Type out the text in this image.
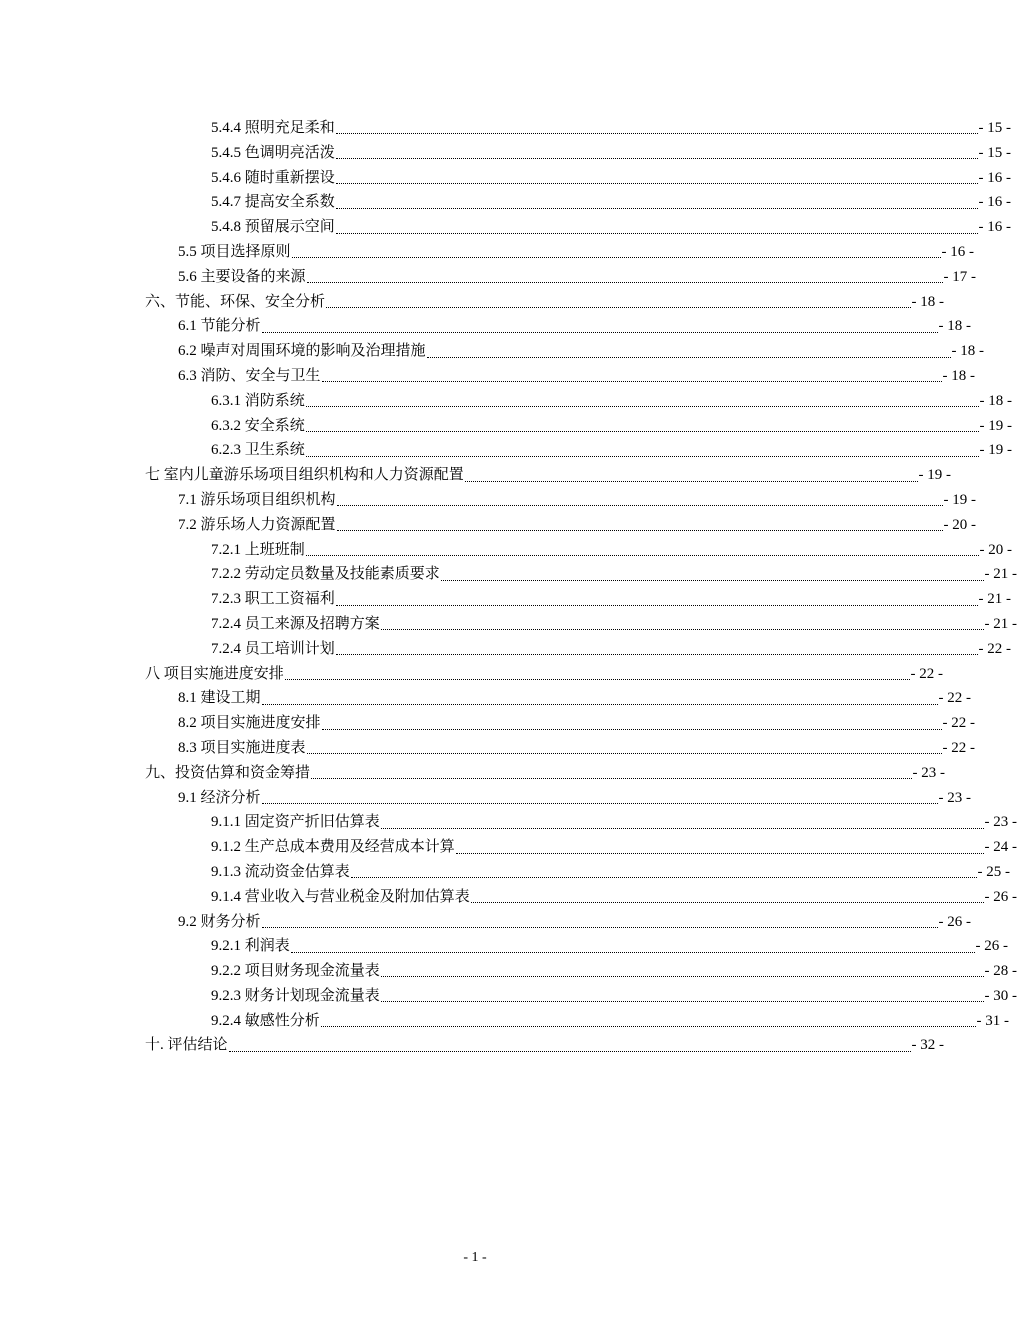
5.4.4 照明充足柔和	- 15 -
5.4.5 色调明亮活泼	- 15 -
5.4.6 随时重新摆设	- 16 -
5.4.7 提高安全系数	- 16 -
5.4.8 预留展示空间	- 16 -
5.5 项目选择原则	- 16 -
5.6 主要设备的来源	- 17 -
六、节能、环保、安全分析	- 18 -
6.1 节能分析	- 18 -
6.2 噪声对周围环境的影响及治理措施	- 18 -
6.3 消防、安全与卫生	- 18 -
6.3.1 消防系统	- 18 -
6.3.2 安全系统	- 19 -
6.2.3 卫生系统	- 19 -
七 室内儿童游乐场项目组织机构和人力资源配置	- 19 -
7.1 游乐场项目组织机构	- 19 -
7.2 游乐场人力资源配置	- 20 -
7.2.1 上班班制	- 20 -
7.2.2 劳动定员数量及技能素质要求	- 21 -
7.2.3 职工工资福利	- 21 -
7.2.4 员工来源及招聘方案	- 21 -
7.2.4 员工培训计划	- 22 -
八 项目实施进度安排	- 22 -
8.1 建设工期	- 22 -
8.2 项目实施进度安排	- 22 -
8.3 项目实施进度表	- 22 -
九、投资估算和资金筹措	- 23 -
9.1 经济分析	- 23 -
9.1.1 固定资产折旧估算表	- 23 -
9.1.2 生产总成本费用及经营成本计算	- 24 -
9.1.3 流动资金估算表	- 25 -
9.1.4 营业收入与营业税金及附加估算表	- 26 -
9.2 财务分析	- 26 -
9.2.1 利润表	- 26 -
9.2.2 项目财务现金流量表	- 28 -
9.2.3 财务计划现金流量表	- 30 -
9.2.4 敏感性分析	- 31 -
十. 评估结论	- 32 -
- 1 -
